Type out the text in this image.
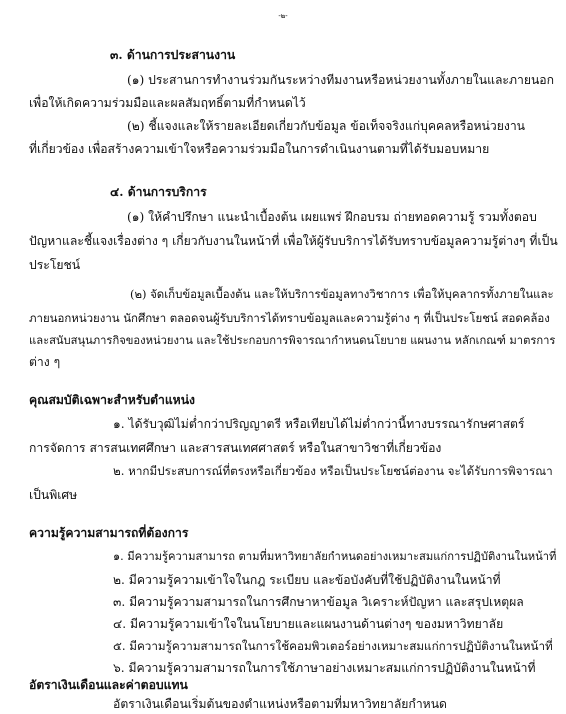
-๒-
๓. ด้านการประสานงาน
(๑) ประสานการทำงานร่วมกันระหว่างทีมงานหรือหน่วยงานทั้งภายในและภายนอก
เพื่อให้เกิดความร่วมมือและผลสัมฤทธิ์ตามที่กำหนดไว้
(๒) ชี้แจงและให้รายละเอียดเกี่ยวกับข้อมูล ข้อเท็จจริงแก่บุคคลหรือหน่วยงาน
ที่เกี่ยวข้อง เพื่อสร้างความเข้าใจหรือความร่วมมือในการดำเนินงานตามที่ได้รับมอบหมาย
๔. ด้านการบริการ
(๑) ให้คำปรึกษา แนะนำเบื้องต้น เผยแพร่ ฝึกอบรม ถ่ายทอดความรู้ รวมทั้งตอบ
ปัญหาและชี้แจงเรื่องต่าง ๆ เกี่ยวกับงานในหน้าที่ เพื่อให้ผู้รับบริการได้รับทราบข้อมูลความรู้ต่างๆ ที่เป็น
ประโยชน์
(๒) จัดเก็บข้อมูลเบื้องต้น และให้บริการข้อมูลทางวิชาการ เพื่อให้บุคลากรทั้งภายในและ
ภายนอกหน่วยงาน นักศึกษา ตลอดจนผู้รับบริการได้ทราบข้อมูลและความรู้ต่าง ๆ ที่เป็นประโยชน์ สอดคล้อง
และสนับสนุนภารกิจของหน่วยงาน และใช้ประกอบการพิจารณากำหนดนโยบาย แผนงาน หลักเกณฑ์ มาตรการ
ต่าง ๆ
คุณสมบัติเฉพาะสำหรับตำแหน่ง
๑. ได้รับวุฒิไม่ต่ำกว่าปริญญาตรี หรือเทียบได้ไม่ต่ำกว่านี้ทางบรรณารักษศาสตร์
การจัดการ สารสนเทศศึกษา และสารสนเทศศาสตร์ หรือในสาขาวิชาที่เกี่ยวข้อง
๒. หากมีประสบการณ์ที่ตรงหรือเกี่ยวข้อง หรือเป็นประโยชน์ต่องาน จะได้รับการพิจารณา
เป็นพิเศษ
ความรู้ความสามารถที่ต้องการ
๑. มีความรู้ความสามารถ ตามที่มหาวิทยาลัยกำหนดอย่างเหมาะสมแก่การปฏิบัติงานในหน้าที่
๒. มีความรู้ความเข้าใจในกฎ ระเบียบ และข้อบังคับที่ใช้ปฏิบัติงานในหน้าที่
๓. มีความรู้ความสามารถในการศึกษาหาข้อมูล วิเคราะห์ปัญหา และสรุปเหตุผล
๔. มีความรู้ความเข้าใจในนโยบายและแผนงานด้านต่างๆ ของมหาวิทยาลัย
๕. มีความรู้ความสามารถในการใช้คอมพิวเตอร์อย่างเหมาะสมแก่การปฏิบัติงานในหน้าที่
๖. มีความรู้ความสามารถในการใช้ภาษาอย่างเหมาะสมแก่การปฏิบัติงานในหน้าที่
อัตราเงินเดือนและค่าตอบแทน
อัตราเงินเดือนเริ่มต้นของตำแหน่งหรือตามที่มหาวิทยาลัยกำหนด
